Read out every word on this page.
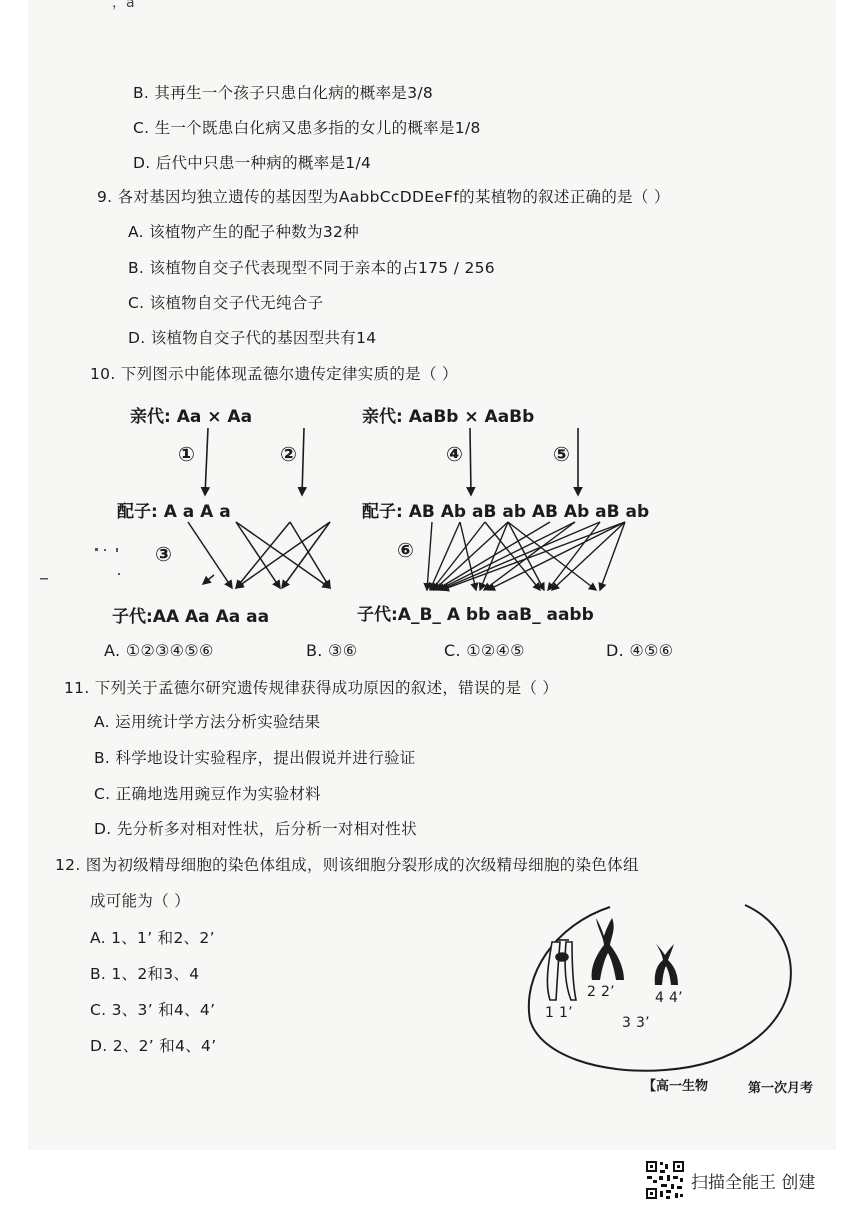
，a
B. 其再生一个孩子只患白化病的概率是3/8
C. 生一个既患白化病又患多指的女儿的概率是1/8
D. 后代中只患一种病的概率是1/4
9. 各对基因均独立遗传的基因型为AabbCcDDEeFf的某植物的叙述正确的是（ ）
A. 该植物产生的配子种数为32种
B. 该植物自交子代表现型不同于亲本的占175 / 256
C. 该植物自交子代无纯合子
D. 该植物自交子代的基因型共有14
10. 下列图示中能体现孟德尔遗传定律实质的是（ ）
亲代: Aa × Aa	亲代: AaBb × AaBb
①	②	④	⑤
配子: A a A a	配子: AB Ab aB ab AB Ab aB ab
③	⑥
子代:AA Aa Aa aa	子代:A_B_ A bb aaB_ aabb
A. ①②③④⑤⑥	B. ③⑥	C. ①②④⑤	D. ④⑤⑥
11. 下列关于孟德尔研究遗传规律获得成功原因的叙述，错误的是（ ）
A. 运用统计学方法分析实验结果
B. 科学地设计实验程序，提出假说并进行验证
C. 正确地选用豌豆作为实验材料
D. 先分析多对相对性状，后分析一对相对性状
12. 图为初级精母细胞的染色体组成，则该细胞分裂形成的次级精母细胞的染色体组
成可能为（ ）
A. 1、1’ 和2、2’
B. 1、2和3、4
C. 3、3’ 和4、4’
D. 2、2’ 和4、4’
2 2’	4 4’
1 1’
3 3’
【高一生物	第一次月考
扫描全能王 创建
